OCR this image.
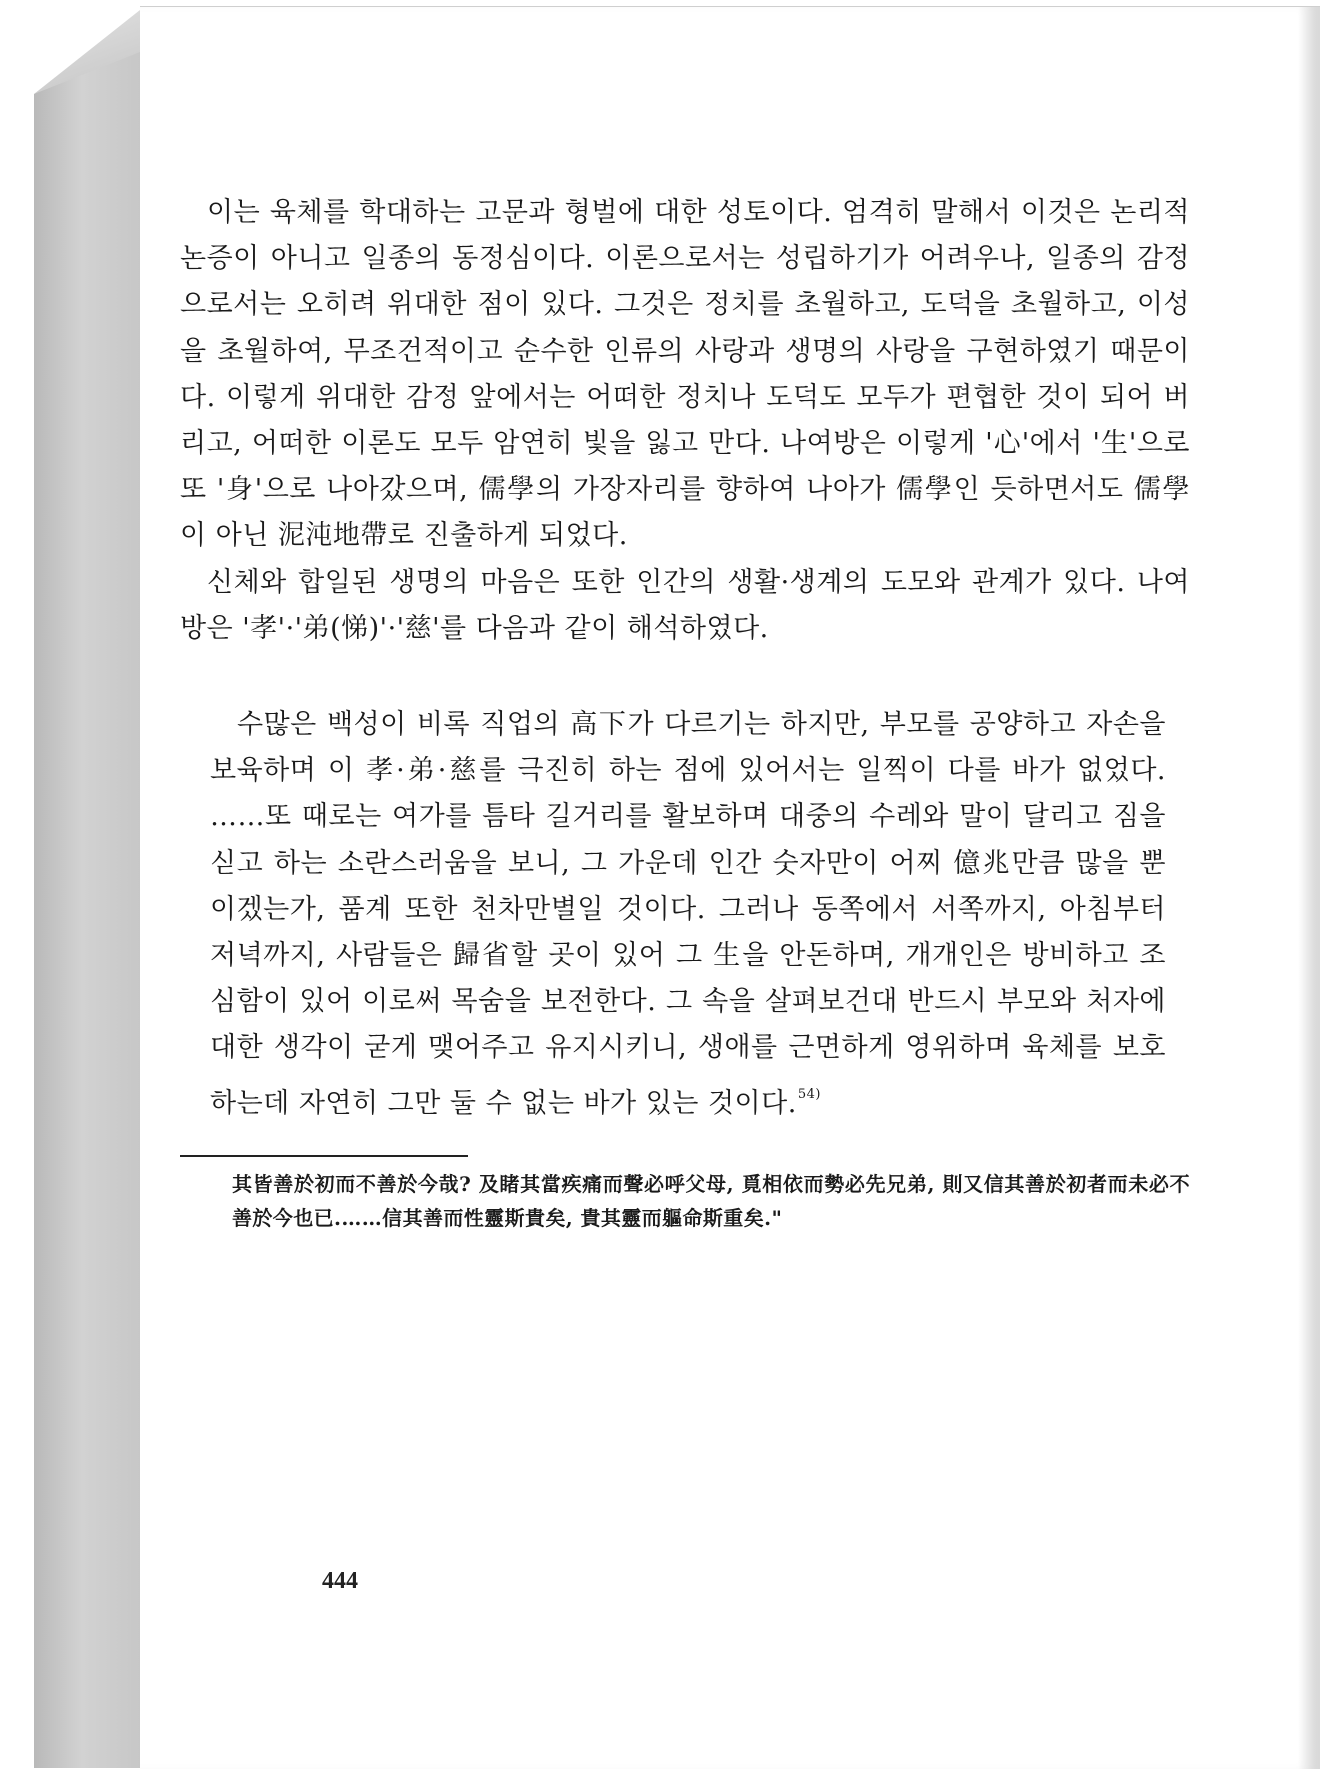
이는 육체를 학대하는 고문과 형벌에 대한 성토이다. 엄격히 말해서 이것은 논리적 논증이 아니고 일종의 동정심이다. 이론으로서는 성립하기가 어려우나, 일종의 감정으로서는 오히려 위대한 점이 있다. 그것은 정치를 초월하고, 도덕을 초월하고, 이성을 초월하여, 무조건적이고 순수한 인류의 사랑과 생명의 사랑을 구현하였기 때문이다. 이렇게 위대한 감정 앞에서는 어떠한 정치나 도덕도 모두가 편협한 것이 되어 버리고, 어떠한 이론도 모두 암연히 빛을 잃고 만다. 나여방은 이렇게 '心'에서 '生'으로 또 '身'으로 나아갔으며, 儒學의 가장자리를 향하여 나아가 儒學인 듯하면서도 儒學이 아닌 泥沌地帶로 진출하게 되었다.

신체와 합일된 생명의 마음은 또한 인간의 생활·생계의 도모와 관계가 있다. 나여방은 '孝'·'弟(悌)'·'慈'를 다음과 같이 해석하였다.

수많은 백성이 비록 직업의 高下가 다르기는 하지만, 부모를 공양하고 자손을 보육하며 이 孝·弟·慈를 극진히 하는 점에 있어서는 일찍이 다를 바가 없었다. ……또 때로는 여가를 틈타 길거리를 활보하며 대중의 수레와 말이 달리고 짐을 싣고 하는 소란스러움을 보니, 그 가운데 인간 숫자만이 어찌 億兆만큼 많을 뿐이겠는가, 품계 또한 천차만별일 것이다. 그러나 동쪽에서 서쪽까지, 아침부터 저녁까지, 사람들은 歸省할 곳이 있어 그 生을 안돈하며, 개개인은 방비하고 조심함이 있어 이로써 목숨을 보전한다. 그 속을 살펴보건대 반드시 부모와 처자에 대한 생각이 굳게 맺어주고 유지시키니, 생애를 근면하게 영위하며 육체를 보호하는데 자연히 그만 둘 수 없는 바가 있는 것이다.$^{54)}$

其皆善於初而不善於今哉? 及睹其當疾痛而聲必呼父母, 覓相依而勢必先兄弟, 則又信其善於初者而未必不善於今也已.……信其善而性靈斯貴矣, 貴其靈而軀命斯重矣."

444
